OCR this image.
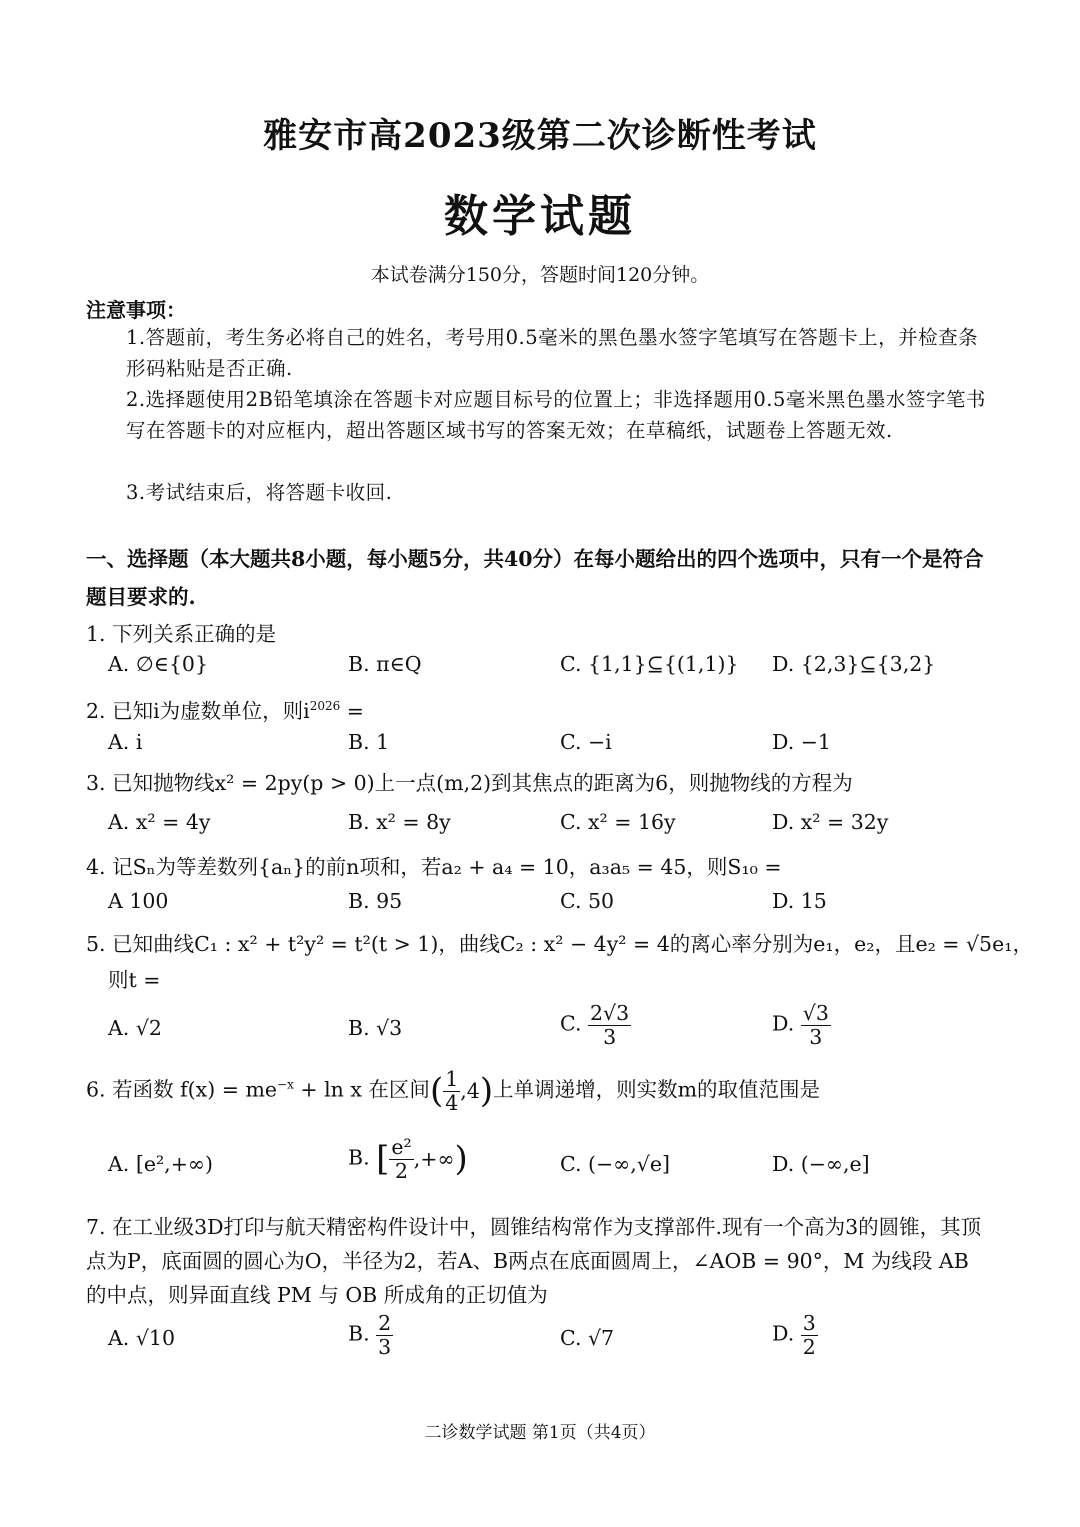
雅安市高2023级第二次诊断性考试
数学试题
本试卷满分150分，答题时间120分钟。
注意事项：
1.答题前，考生务必将自己的姓名，考号用0.5毫米的黑色墨水签字笔填写在答题卡上，并检查条形码粘贴是否正确.
2.选择题使用2B铅笔填涂在答题卡对应题目标号的位置上；非选择题用0.5毫米黑色墨水签字笔书写在答题卡的对应框内，超出答题区域书写的答案无效；在草稿纸，试题卷上答题无效.
3.考试结束后，将答题卡收回.
一、选择题（本大题共8小题，每小题5分，共40分）在每小题给出的四个选项中，只有一个是符合题目要求的.
1. 下列关系正确的是
A. ∅∈{0}	B. π∈Q	C. {1,1}⊆{(1,1)} D. {2,3}⊆{3,2}
2. 已知i为虚数单位，则$i^{2026}$ =
A. i	B. 1	C. −i	D. −1
3. 已知抛物线x² = 2py(p > 0)上一点(m,2)到其焦点的距离为6，则抛物线的方程为
A. x² = 4y	B. x² = 8y	C. x² = 16y	D. x² = 32y
4. 记Sₙ为等差数列{aₙ}的前n项和，若a₂ + a₄ = 10，a₃a₅ = 45，则S₁₀ =
A 100	B. 95	C. 50	D. 15
5. 已知曲线C₁ : x² + t²y² = t²(t > 1)，曲线C₂ : x² − 4y² = 4的离心率分别为e₁，e₂，且e₂ = √5e₁，
则t =
A. √2	B. √3	C. $\frac{2√3}{3}$	D. $\frac{√3}{3}$
6. 若函数 $f(x) = me^{-x} + \ln x$ 在区间( $\frac{1}{4} ,4$)上单调递增，则实数m的取值范围是
A. [e²,+∞)	B. [ $\frac{\text{e²}}{2}$ ,+∞)	C. (−∞,√e]	D. (−∞,e]
7. 在工业级3D打印与航天精密构件设计中，圆锥结构常作为支撑部件.现有一个高为3的圆锥，其顶点为P，底面圆的圆心为O，半径为2，若A、B两点在底面圆周上，∠AOB = 90°，M 为线段 AB 的中点，则异面直线 PM 与 OB 所成角的正切值为
A. √10	B. $\frac{2}{3}$	C. √7	D. $\frac{3}{2}$
二诊数学试题 第1页（共4页）
